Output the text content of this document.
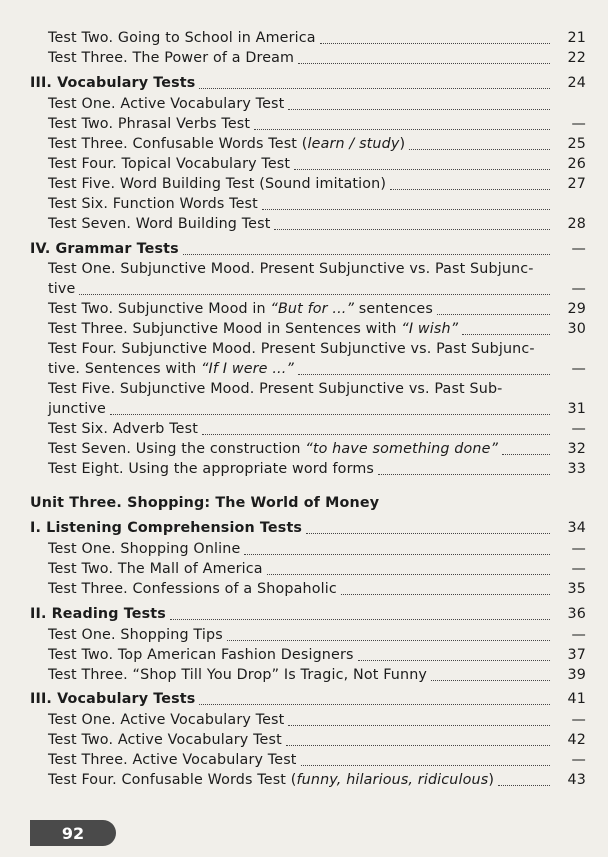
Test Two. Going to School in America	21
Test Three. The Power of a Dream	22
III. Vocabulary Tests	24
Test One. Active Vocabulary Test
Test Two. Phrasal Verbs Test	—
Test Three. Confusable Words Test (learn / study)	25
Test Four. Topical Vocabulary Test	26
Test Five. Word Building Test (Sound imitation)	27
Test Six. Function Words Test
Test Seven. Word Building Test	28
IV. Grammar Tests	—
Test One. Subjunctive Mood. Present Subjunctive vs. Past Subjunc-
tive	—
Test Two. Subjunctive Mood in “But for ...” sentences	29
Test Three. Subjunctive Mood in Sentences with “I wish”	30
Test Four. Subjunctive Mood. Present Subjunctive vs. Past Subjunc-
tive. Sentences with “If I were ...”	—
Test Five. Subjunctive Mood. Present Subjunctive vs. Past Sub-
junctive	31
Test Six. Adverb Test	—
Test Seven. Using the construction “to have something done”	32
Test Eight. Using the appropriate word forms	33
Unit Three. Shopping: The World of Money
I. Listening Comprehension Tests	34
Test One. Shopping Online	—
Test Two. The Mall of America	—
Test Three. Confessions of a Shopaholic	35
II. Reading Tests	36
Test One. Shopping Tips	—
Test Two. Top American Fashion Designers	37
Test Three. “Shop Till You Drop” Is Tragic, Not Funny	39
III. Vocabulary Tests	41
Test One. Active Vocabulary Test	—
Test Two. Active Vocabulary Test	42
Test Three. Active Vocabulary Test	—
Test Four. Confusable Words Test (funny, hilarious, ridiculous)	43
92
